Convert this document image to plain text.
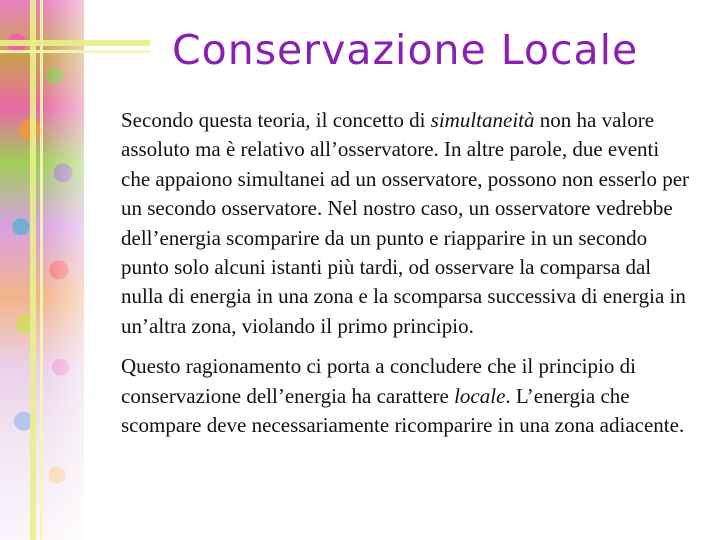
Conservazione Locale

Secondo questa teoria, il concetto di simultaneità non ha valore assoluto ma è relativo all’osservatore. In altre parole, due eventi che appaiono simultanei ad un osservatore, possono non esserlo per un secondo osservatore. Nel nostro caso, un osservatore vedrebbe dell’energia scomparire da un punto e riapparire in un secondo punto solo alcuni istanti più tardi, od osservare la comparsa dal nulla di energia in una zona e la scomparsa successiva di energia in un’altra zona, violando il primo principio.

Questo ragionamento ci porta a concludere che il principio di conservazione dell’energia ha carattere locale. L’energia che scompare deve necessariamente ricomparire in una zona adiacente.
